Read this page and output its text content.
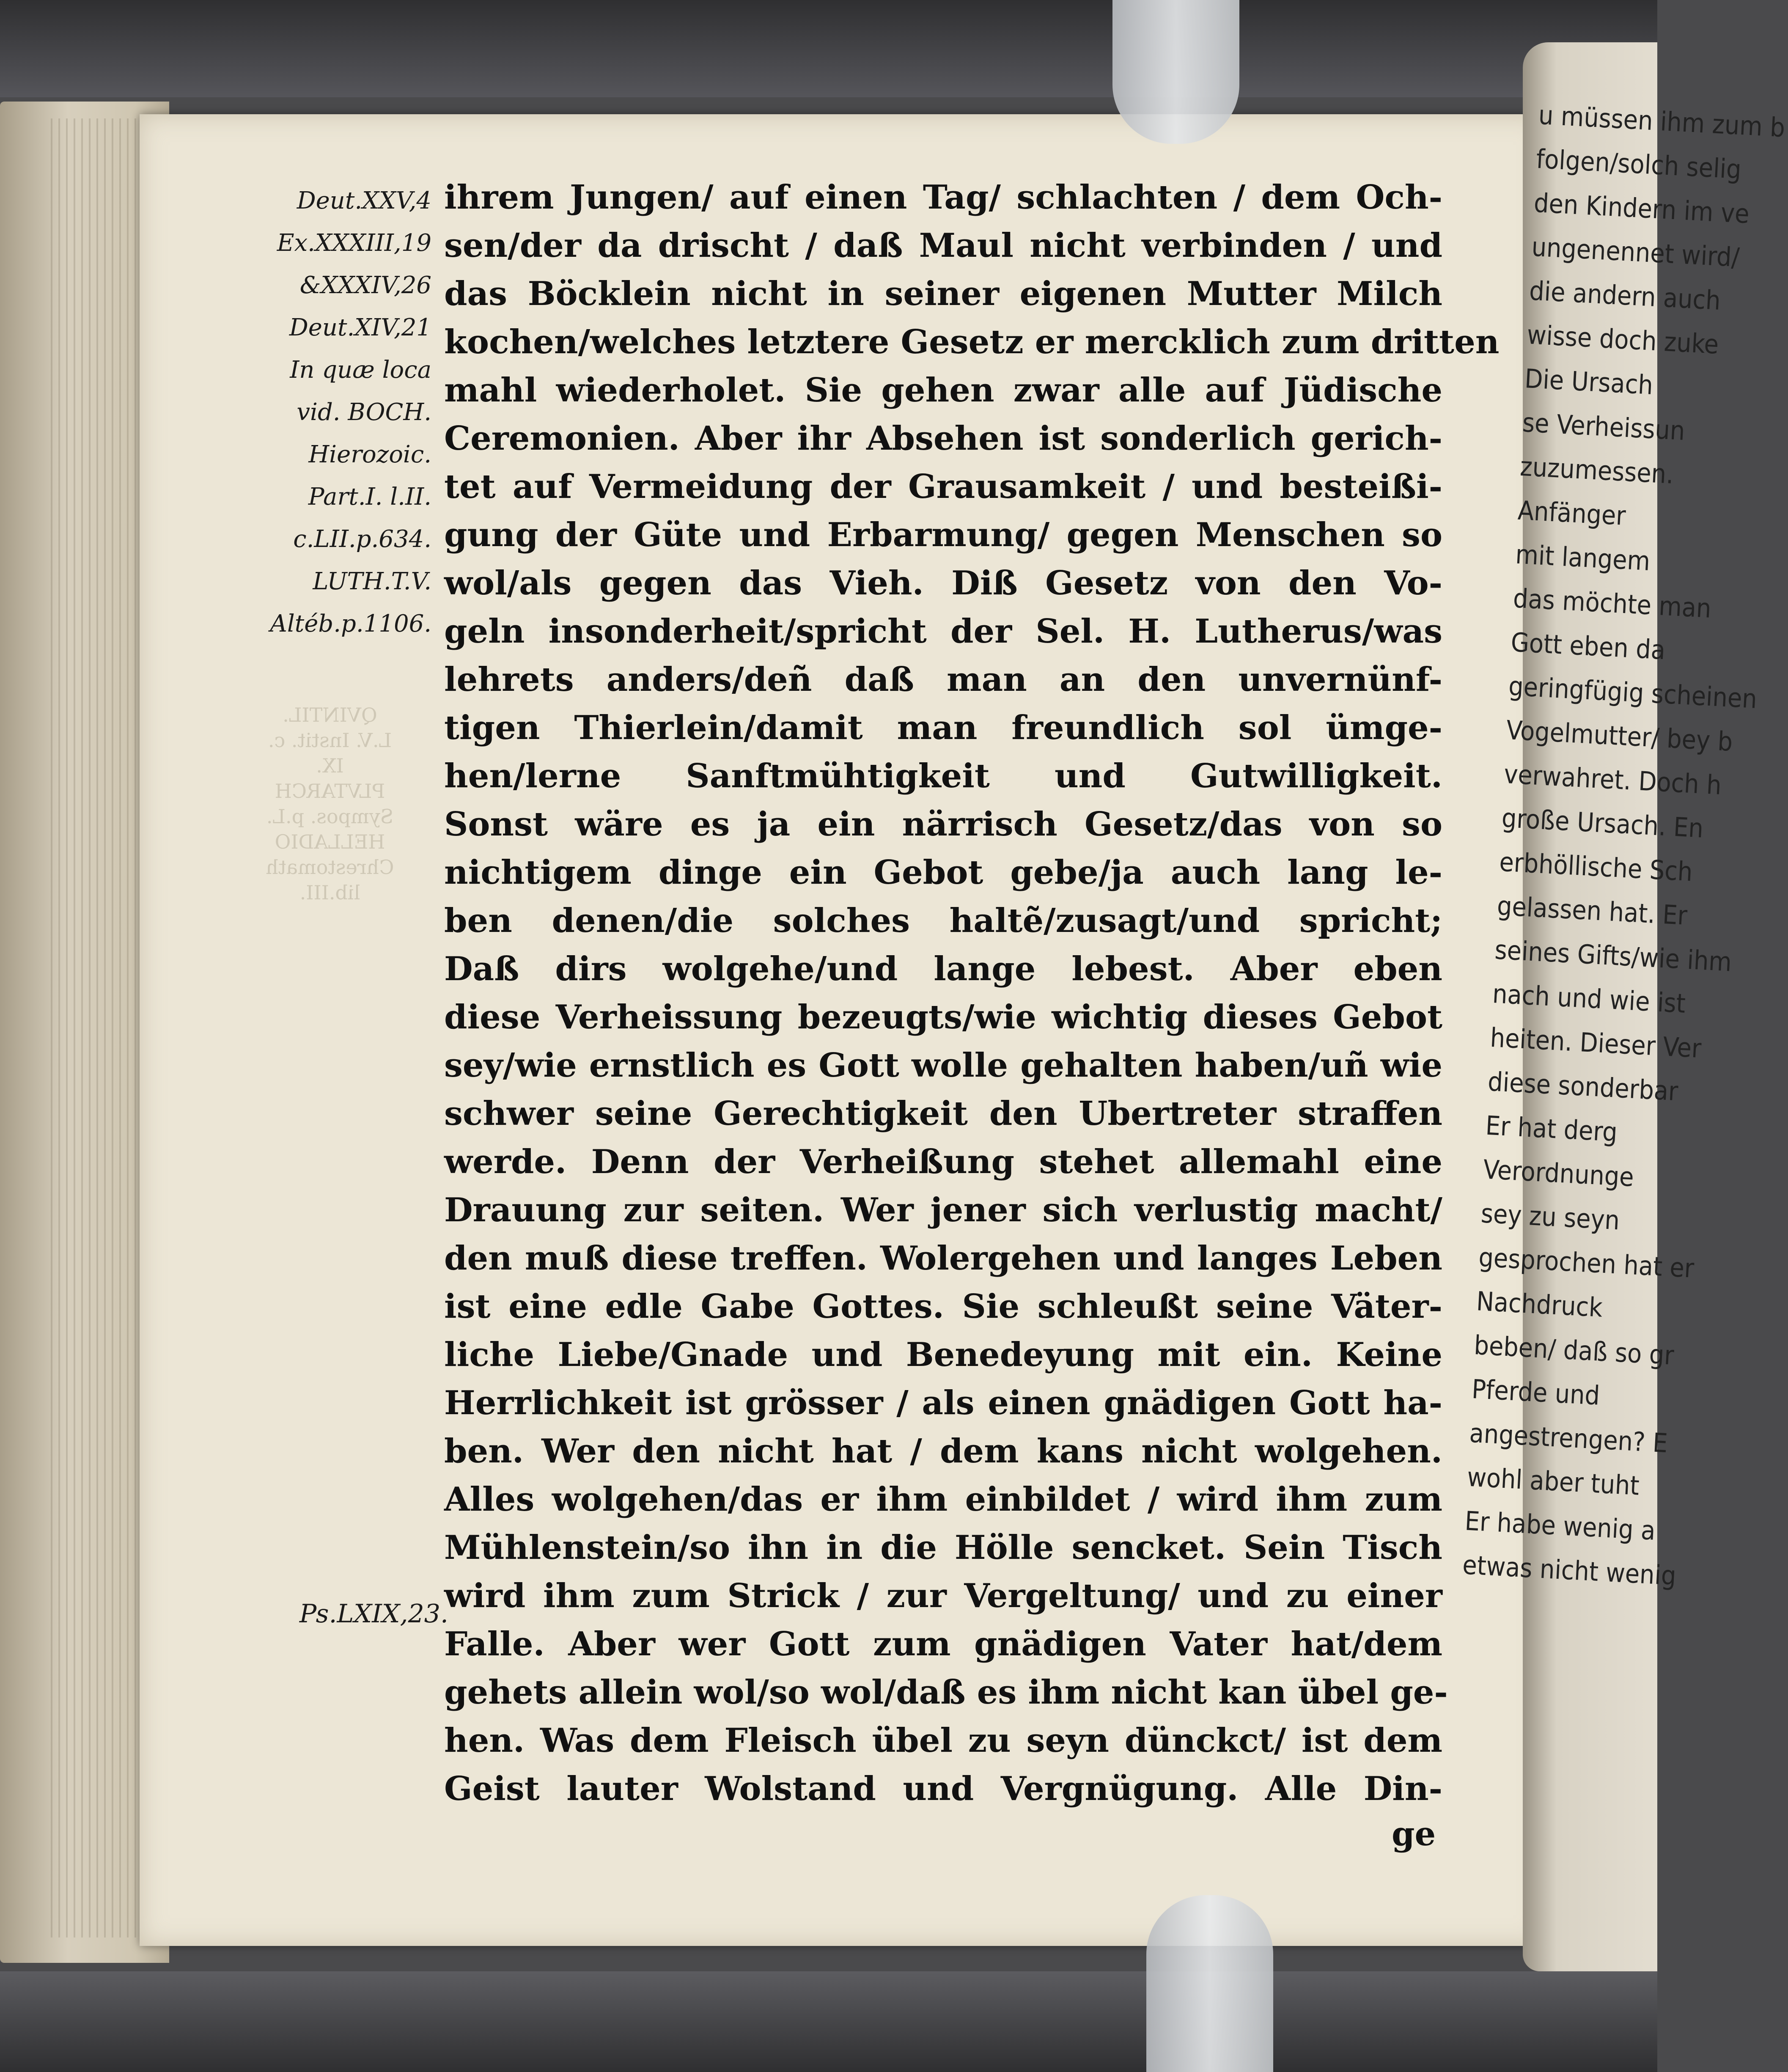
u müssen ihm zum b
folgen/solch selig
den Kindern im ve
ungenennet wird/
die andern auch
wisse doch zuke
Die Ursach
se Verheissun
zuzumessen.
Anfänger
mit langem
das möchte man
Gott eben da
geringfügig scheinen
Vogelmutter/ bey b
verwahret. Doch h
große Ursach. En
erbhöllische Sch
gelassen hat. Er
seines Gifts/wie ihm
nach und wie ist
heiten. Dieser Ver
diese sonderbar
Er hat derg
Verordnunge
sey zu seyn
gesprochen hat er
Nachdruck
beben/ daß so gr
Pferde und
angestrengen? E
wohl aber tuht
Er habe wenig a
etwas nicht wenig
QVINTIL.
L.V. Instit. c.
IX.
PLVTARCH
Sympos. p.L.
HELLADIO
Chrestomath
lib.III.
Deut.XXV,4
Ex.XXXIII,19
&XXXIV,26
Deut.XIV,21
In quæ loca
vid. BOCH.
Hierozoic.
Part.I. l.II.
c.LII.p.634.
LUTH.T.V.
Altéb.p.1106.
Ps.LXIX,23.
ihrem Jungen/ auf einen Tag/ schlachten / dem Och-
sen/der da drischt / daß Maul nicht verbinden / und
das Böcklein nicht in seiner eigenen Mutter Milch
kochen/welches letztere Gesetz er mercklich zum dritten
mahl wiederholet. Sie gehen zwar alle auf Jüdische
Ceremonien. Aber ihr Absehen ist sonderlich gerich-
tet auf Vermeidung der Grausamkeit / und besteißi-
gung der Güte und Erbarmung/ gegen Menschen so
wol/als gegen das Vieh. Diß Gesetz von den Vo-
geln insonderheit/spricht der Sel. H. Lutherus/was
lehrets anders/deñ daß man an den unvernünf-
tigen Thierlein/damit man freundlich sol ümge-
hen/lerne Sanftmühtigkeit und Gutwilligkeit.
Sonst wäre es ja ein närrisch Gesetz/das von so
nichtigem dinge ein Gebot gebe/ja auch lang le-
ben denen/die solches haltẽ/zusagt/und spricht;
Daß dirs wolgehe/und lange lebest. Aber eben
diese Verheissung bezeugts/wie wichtig dieses Gebot
sey/wie ernstlich es Gott wolle gehalten haben/uñ wie
schwer seine Gerechtigkeit den Ubertreter straffen
werde. Denn der Verheißung stehet allemahl eine
Drauung zur seiten. Wer jener sich verlustig macht/
den muß diese treffen. Wolergehen und langes Leben
ist eine edle Gabe Gottes. Sie schleußt seine Väter-
liche Liebe/Gnade und Benedeyung mit ein. Keine
Herrlichkeit ist grösser / als einen gnädigen Gott ha-
ben. Wer den nicht hat / dem kans nicht wolgehen.
Alles wolgehen/das er ihm einbildet / wird ihm zum
Mühlenstein/so ihn in die Hölle sencket. Sein Tisch
wird ihm zum Strick / zur Vergeltung/ und zu einer
Falle. Aber wer Gott zum gnädigen Vater hat/dem
gehets allein wol/so wol/daß es ihm nicht kan übel ge-
hen. Was dem Fleisch übel zu seyn dünckct/ ist dem
Geist lauter Wolstand und Vergnügung. Alle Din-
ge
